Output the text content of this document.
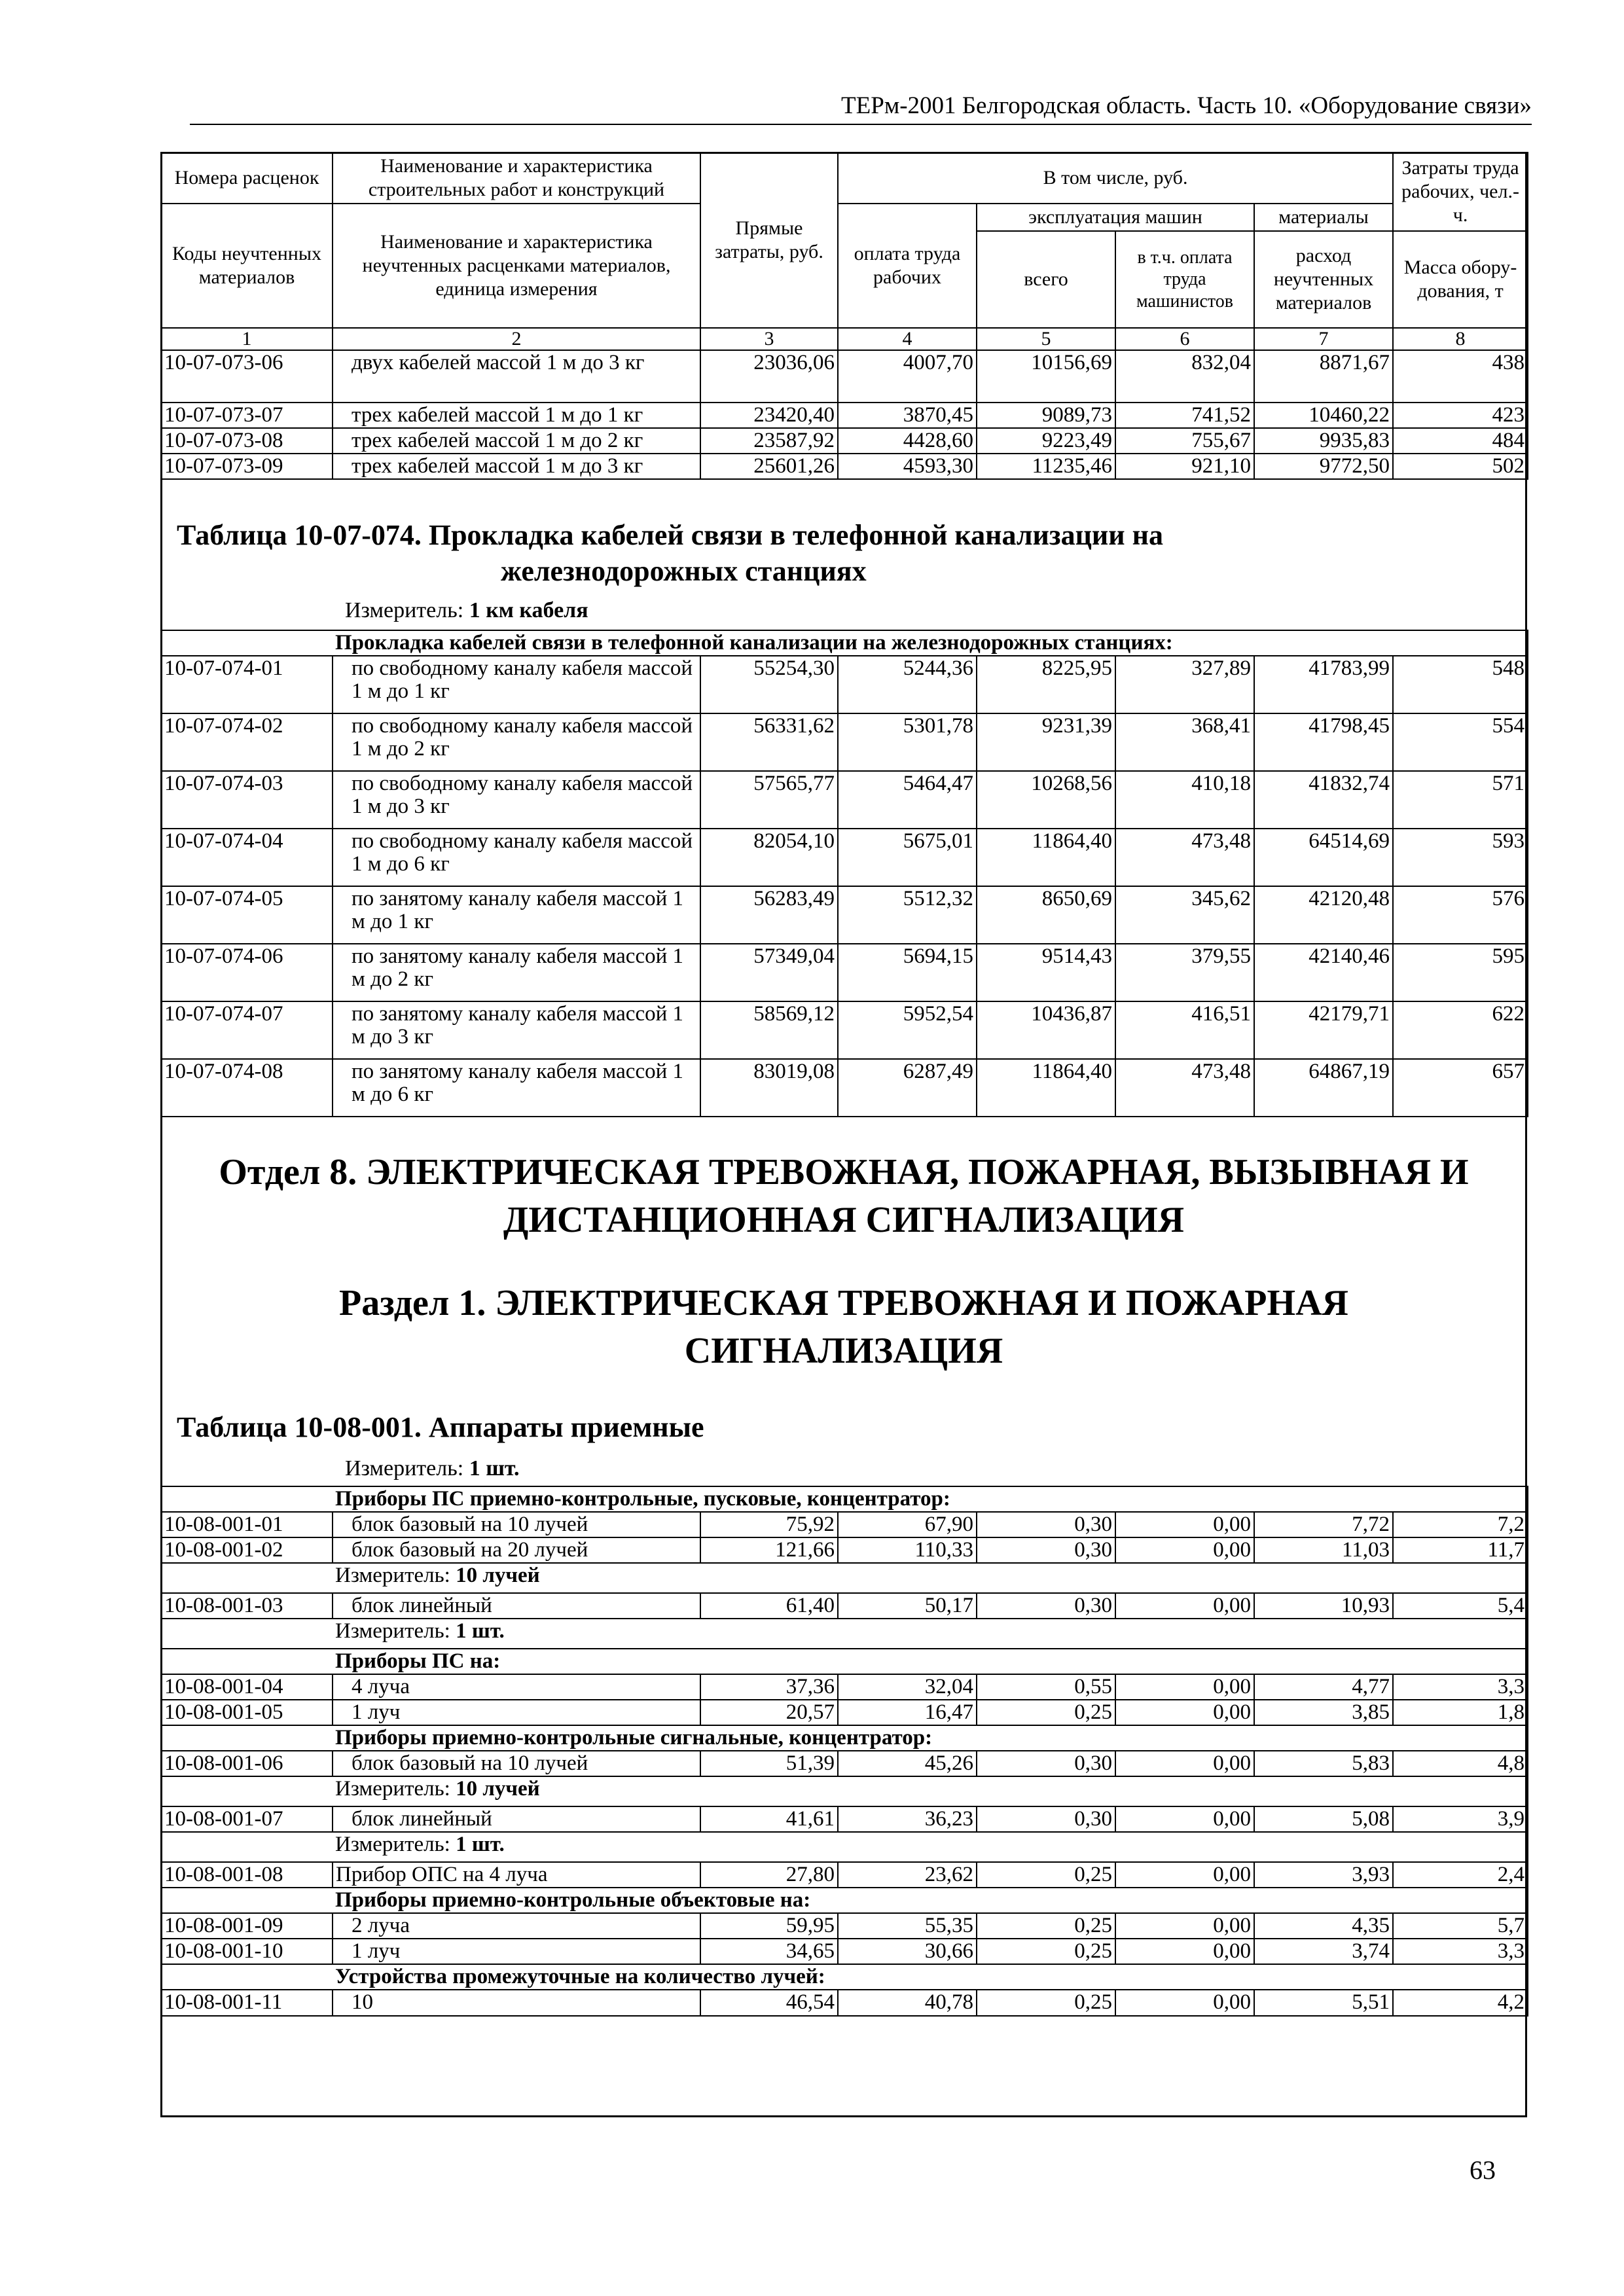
ТЕРм-2001 Белгородская область. Часть 10. «Оборудование связи»
Номера расценок	Наименование и характеристика строительных работ и конструкций	Прямые затраты, руб.	В том числе, руб.				Затраты труда рабочих, чел.-ч.
Коды неучтенных материалов	Наименование и характеристика неучтенных расценками материалов, единица измерения		оплата труда рабочих	эксплуатация машин		материалы	
				всего	в т.ч. оплата труда машинистов	расход неучтенных материалов	Масса обору-дования, т
1	2	3	4	5	6	7	8
10-07-073-06	двух кабелей массой 1 м до 3 кг	23036,06	4007,70	10156,69	832,04	8871,67	438
10-07-073-07	трех кабелей массой 1 м до 1 кг	23420,40	3870,45	9089,73	741,52	10460,22	423
10-07-073-08	трех кабелей массой 1 м до 2 кг	23587,92	4428,60	9223,49	755,67	9935,83	484
10-07-073-09	трех кабелей массой 1 м до 3 кг	25601,26	4593,30	11235,46	921,10	9772,50	502
Таблица 10-07-074. Прокладка кабелей связи в телефонной канализации на
железнодорожных станциях
Измеритель: 1 км кабеля
	Прокладка кабелей связи в телефонной канализации на железнодорожных станциях:						
10-07-074-01	по свободному каналу кабеля массой 1 м до 1 кг	55254,30	5244,36	8225,95	327,89	41783,99	548
10-07-074-02	по свободному каналу кабеля массой 1 м до 2 кг	56331,62	5301,78	9231,39	368,41	41798,45	554
10-07-074-03	по свободному каналу кабеля массой 1 м до 3 кг	57565,77	5464,47	10268,56	410,18	41832,74	571
10-07-074-04	по свободному каналу кабеля массой 1 м до 6 кг	82054,10	5675,01	11864,40	473,48	64514,69	593
10-07-074-05	по занятому каналу кабеля массой 1 м до 1 кг	56283,49	5512,32	8650,69	345,62	42120,48	576
10-07-074-06	по занятому каналу кабеля массой 1 м до 2 кг	57349,04	5694,15	9514,43	379,55	42140,46	595
10-07-074-07	по занятому каналу кабеля массой 1 м до 3 кг	58569,12	5952,54	10436,87	416,51	42179,71	622
10-07-074-08	по занятому каналу кабеля массой 1 м до 6 кг	83019,08	6287,49	11864,40	473,48	64867,19	657
Отдел 8. ЭЛЕКТРИЧЕСКАЯ ТРЕВОЖНАЯ, ПОЖАРНАЯ, ВЫЗЫВНАЯ И
ДИСТАНЦИОННАЯ СИГНАЛИЗАЦИЯ
Раздел 1. ЭЛЕКТРИЧЕСКАЯ ТРЕВОЖНАЯ И ПОЖАРНАЯ
СИГНАЛИЗАЦИЯ
Таблица 10-08-001. Аппараты приемные
Измеритель: 1 шт.
	Приборы ПС приемно-контрольные, пусковые, концентратор:						
10-08-001-01	блок базовый на 10 лучей	75,92	67,90	0,30	0,00	7,72	7,2
10-08-001-02	блок базовый на 20 лучей	121,66	110,33	0,30	0,00	11,03	11,7
	Измеритель: 10 лучей						
10-08-001-03	блок линейный	61,40	50,17	0,30	0,00	10,93	5,4
	Измеритель: 1 шт.						
	Приборы ПС на:						
10-08-001-04	4 луча	37,36	32,04	0,55	0,00	4,77	3,3
10-08-001-05	1 луч	20,57	16,47	0,25	0,00	3,85	1,8
	Приборы приемно-контрольные сигнальные, концентратор:						
10-08-001-06	блок базовый на 10 лучей	51,39	45,26	0,30	0,00	5,83	4,8
	Измеритель: 10 лучей						
10-08-001-07	блок линейный	41,61	36,23	0,30	0,00	5,08	3,9
	Измеритель: 1 шт.						
10-08-001-08	Прибор ОПС на 4 луча	27,80	23,62	0,25	0,00	3,93	2,4
	Приборы приемно-контрольные объектовые на:						
10-08-001-09	2 луча	59,95	55,35	0,25	0,00	4,35	5,7
10-08-001-10	1 луч	34,65	30,66	0,25	0,00	3,74	3,3
	Устройства промежуточные на количество лучей:						
10-08-001-11	10	46,54	40,78	0,25	0,00	5,51	4,2
63
